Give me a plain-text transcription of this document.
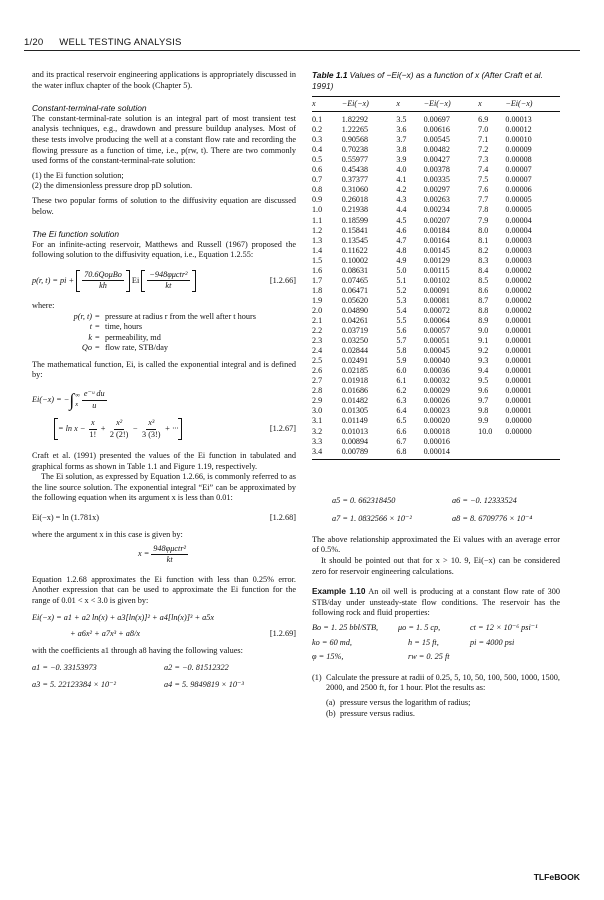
1/20 WELL TESTING ANALYSIS

and its practical reservoir engineering applications is appropriately discussed in the water influx chapter of the book (Chapter 5).

Constant-terminal-rate solution

The constant-terminal-rate solution is an integral part of most transient test analysis techniques, e.g., drawdown and pressure buildup analyses. Most of these tests involve producing the well at a constant flow rate and recording the flowing pressure as a function of time, i.e., p(rw, t). There are two commonly used forms of the constant-terminal-rate solution:

(1) the Ei function solution;
(2) the dimensionless pressure drop pD solution.

These two popular forms of solution to the diffusivity equation are discussed below.

The Ei function solution

For an infinite-acting reservoir, Matthews and Russell (1967) proposed the following solution to the diffusivity equation, i.e., Equation 1.2.55:

p(r, t) = pi + $\frac{\text{70.6QoμBo}}{kh}$ Ei $\frac{\text{−948φμctr²}}{kt}$	[1.2.66]

where:

p(r, t) = pressure at radius r from the well after t hours
t = time, hours
k = permeability, md
Qo = flow rate, STB/day

The mathematical function, Ei, is called the exponential integral and is defined by:

Ei(−x) = − ∫ ∞
x $\frac{\text{e⁻ᵘ du}}{u}$
= $\ln x - \frac{x}{1!} + \frac{\text{x²}}{2 (2!)} - \frac{\text{x³}}{3 (3!)}$ + ···	[1.2.67]

Craft et al. (1991) presented the values of the Ei function in tabulated and graphical forms as shown in Table 1.1 and Figure 1.19, respectively.

The Ei solution, as expressed by Equation 1.2.66, is commonly referred to as the line source solution. The exponential integral “Ei” can be approximated by the following equation when its argument x is less than 0.01:

Ei(−x) = ln (1.781x)	[1.2.68]

where the argument x in this case is given by:

$x = \frac{\text{948φμctr²}}{kt}$

Equation 1.2.68 approximates the Ei function with less than 0.25% error. Another expression that can be used to approximate the Ei function for the range of 0.01 < x < 3.0 is given by:

Ei(−x) = a1 + a2 ln(x) + a3[ln(x)]² + a4[ln(x)]³ + a5x
+ a6x² + a7x³ + a8/x	[1.2.69]

with the coefficients a1 through a8 having the following values:

a1 = −0. 33153973	a2 = −0. 81512322
a3 = 5. 22123384 × 10⁻²	a4 = 5. 9849819 × 10⁻³
Table 1.1 Values of −Ei(−x) as a function of x (After Craft et al. 1991)
x	−Ei(−x)	x	−Ei(−x)	x	−Ei(−x)
0.1	1.82292	3.5	0.00697	6.9	0.00013
0.2	1.22265	3.6	0.00616	7.0	0.00012
0.3	0.90568	3.7	0.00545	7.1	0.00010
0.4	0.70238	3.8	0.00482	7.2	0.00009
0.5	0.55977	3.9	0.00427	7.3	0.00008
0.6	0.45438	4.0	0.00378	7.4	0.00007
0.7	0.37377	4.1	0.00335	7.5	0.00007
0.8	0.31060	4.2	0.00297	7.6	0.00006
0.9	0.26018	4.3	0.00263	7.7	0.00005
1.0	0.21938	4.4	0.00234	7.8	0.00005
1.1	0.18599	4.5	0.00207	7.9	0.00004
1.2	0.15841	4.6	0.00184	8.0	0.00004
1.3	0.13545	4.7	0.00164	8.1	0.00003
1.4	0.11622	4.8	0.00145	8.2	0.00003
1.5	0.10002	4.9	0.00129	8.3	0.00003
1.6	0.08631	5.0	0.00115	8.4	0.00002
1.7	0.07465	5.1	0.00102	8.5	0.00002
1.8	0.06471	5.2	0.00091	8.6	0.00002
1.9	0.05620	5.3	0.00081	8.7	0.00002
2.0	0.04890	5.4	0.00072	8.8	0.00002
2.1	0.04261	5.5	0.00064	8.9	0.00001
2.2	0.03719	5.6	0.00057	9.0	0.00001
2.3	0.03250	5.7	0.00051	9.1	0.00001
2.4	0.02844	5.8	0.00045	9.2	0.00001
2.5	0.02491	5.9	0.00040	9.3	0.00001
2.6	0.02185	6.0	0.00036	9.4	0.00001
2.7	0.01918	6.1	0.00032	9.5	0.00001
2.8	0.01686	6.2	0.00029	9.6	0.00001
2.9	0.01482	6.3	0.00026	9.7	0.00001
3.0	0.01305	6.4	0.00023	9.8	0.00001
3.1	0.01149	6.5	0.00020	9.9	0.00000
3.2	0.01013	6.6	0.00018	10.0	0.00000
3.3	0.00894	6.7	0.00016		
3.4	0.00789	6.8	0.00014		
a5 = 0. 662318450	a6 = −0. 12333524
a7 = 1. 0832566 × 10⁻²	a8 = 8. 6709776 × 10⁻⁴

The above relationship approximated the Ei values with an average error of 0.5%.

It should be pointed out that for x > 10. 9, Ei(−x) can be considered zero for reservoir engineering calculations.

Example 1.10 An oil well is producing at a constant flow rate of 300 STB/day under unsteady-state flow conditions. The reservoir has the following rock and fluid properties:

Bo = 1. 25 bbl/STB,	μo = 1. 5 cp,	ct = 12 × 10⁻⁶ psi⁻¹
ko = 60 md,	h = 15 ft,	pi = 4000 psi
φ = 15%,	rw = 0. 25 ft
(1) Calculate the pressure at radii of 0.25, 5, 10, 50, 100, 500, 1000, 1500, 2000, and 2500 ft, for 1 hour. Plot the results as:
(a) pressure versus the logarithm of radius;
(b) pressure versus radius.
TLFeBOOK
